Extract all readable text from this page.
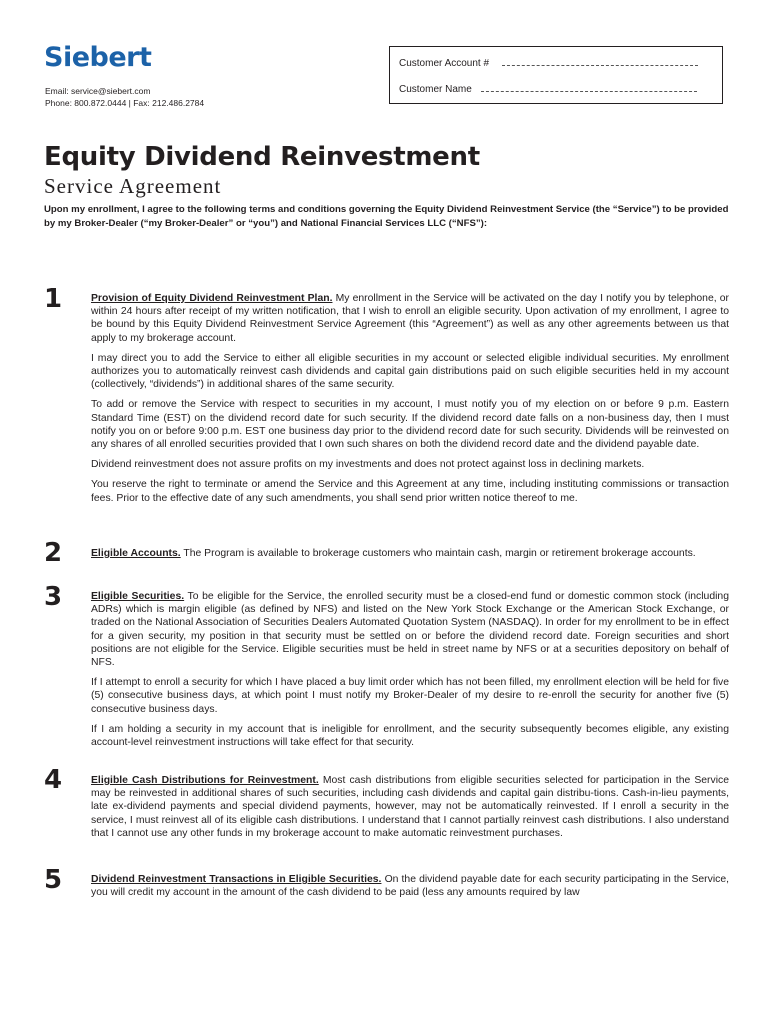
Siebert
Email: service@siebert.com
Phone: 800.872.0444 | Fax: 212.486.2784
Customer Account #
Customer Name
Equity Dividend Reinvestment
Service Agreement
Upon my enrollment, I agree to the following terms and conditions governing the Equity Dividend Reinvestment Service (the “Service”) to be provided by my Broker-Dealer (“my Broker-Dealer” or “you”) and National Financial Services LLC (“NFS”):
1	Provision of Equity Dividend Reinvestment Plan. My enrollment in the Service will be activated on the day I notify you by telephone, or within 24 hours after receipt of my written notification, that I wish to enroll an eligible security. Upon activation of my enrollment, I agree to be bound by this Equity Dividend Reinvestment Service Agreement (this “Agreement”) as well as any other agreements between us that apply to my brokerage account.

I may direct you to add the Service to either all eligible securities in my account or selected eligible individual securities. My enrollment authorizes you to automatically reinvest cash dividends and capital gain distributions paid on such eligible securities held in my account (collectively, “dividends”) in additional shares of the same security.

To add or remove the Service with respect to securities in my account, I must notify you of my election on or before 9 p.m. Eastern Standard Time (EST) on the dividend record date for such security. If the dividend record date falls on a non-business day, then I must notify you on or before 9:00 p.m. EST one business day prior to the dividend record date for such security. Dividends will be reinvested on any shares of all enrolled securities provided that I own such shares on both the dividend record date and the dividend payable date.

Dividend reinvestment does not assure profits on my investments and does not protect against loss in declining markets.

You reserve the right to terminate or amend the Service and this Agreement at any time, including instituting commissions or transaction fees. Prior to the effective date of any such amendments, you shall send prior written notice thereof to me.

2	Eligible Accounts. The Program is available to brokerage customers who maintain cash, margin or retirement brokerage accounts.

3	Eligible Securities. To be eligible for the Service, the enrolled security must be a closed-end fund or domestic common stock (including ADRs) which is margin eligible (as defined by NFS) and listed on the New York Stock Exchange or the American Stock Exchange, or traded on the National Association of Securities Dealers Automated Quotation System (NASDAQ). In order for my enrollment to be in effect for a given security, my position in that security must be settled on or before the dividend record date. Foreign securities and short positions are not eligible for the Service. Eligible securities must be held in street name by NFS or at a securities depository on behalf of NFS.

If I attempt to enroll a security for which I have placed a buy limit order which has not been filled, my enrollment election will be held for five (5) consecutive business days, at which point I must notify my Broker-Dealer of my desire to re-enroll the security for another five (5) consecutive business days.

If I am holding a security in my account that is ineligible for enrollment, and the security subsequently becomes eligible, any existing account-level reinvestment instructions will take effect for that security.

4	Eligible Cash Distributions for Reinvestment. Most cash distributions from eligible securities selected for participation in the Service may be reinvested in additional shares of such securities, including cash dividends and capital gain distribu-tions. Cash-in-lieu payments, late ex-dividend payments and special dividend payments, however, may not be automatically reinvested. If I enroll a security in the service, I must reinvest all of its eligible cash distributions. I understand that I cannot partially reinvest cash distributions. I also understand that I cannot use any other funds in my brokerage account to make automatic reinvestment purchases.

5	Dividend Reinvestment Transactions in Eligible Securities. On the dividend payable date for each security participating in the Service, you will credit my account in the amount of the cash dividend to be paid (less any amounts required by law
